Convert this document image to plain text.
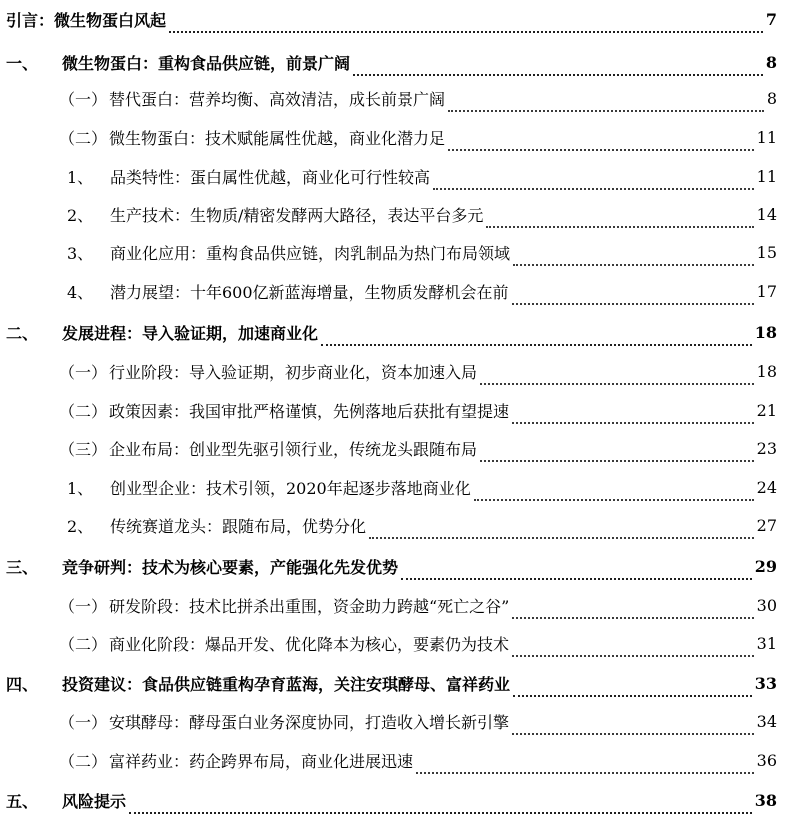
引言：微生物蛋白风起	7
一、 微生物蛋白：重构食品供应链，前景广阔	8
（一） 替代蛋白：营养均衡、高效清洁，成长前景广阔	8
（二） 微生物蛋白：技术赋能属性优越，商业化潜力足	11
1、 品类特性：蛋白属性优越，商业化可行性较高	11
2、 生产技术：生物质/精密发酵两大路径，表达平台多元	14
3、 商业化应用：重构食品供应链，肉乳制品为热门布局领域	15
4、 潜力展望：十年600亿新蓝海增量，生物质发酵机会在前	17
二、 发展进程：导入验证期，加速商业化	18
（一） 行业阶段：导入验证期，初步商业化，资本加速入局	18
（二） 政策因素：我国审批严格谨慎，先例落地后获批有望提速	21
（三） 企业布局：创业型先驱引领行业，传统龙头跟随布局	23
1、 创业型企业：技术引领，2020年起逐步落地商业化	24
2、 传统赛道龙头：跟随布局，优势分化	27
三、 竞争研判：技术为核心要素，产能强化先发优势	29
（一） 研发阶段：技术比拼杀出重围，资金助力跨越“死亡之谷”	30
（二） 商业化阶段：爆品开发、优化降本为核心，要素仍为技术	31
四、 投资建议：食品供应链重构孕育蓝海，关注安琪酵母、富祥药业	33
（一） 安琪酵母：酵母蛋白业务深度协同，打造收入增长新引擎	34
（二） 富祥药业：药企跨界布局，商业化进展迅速	36
五、 风险提示	38
